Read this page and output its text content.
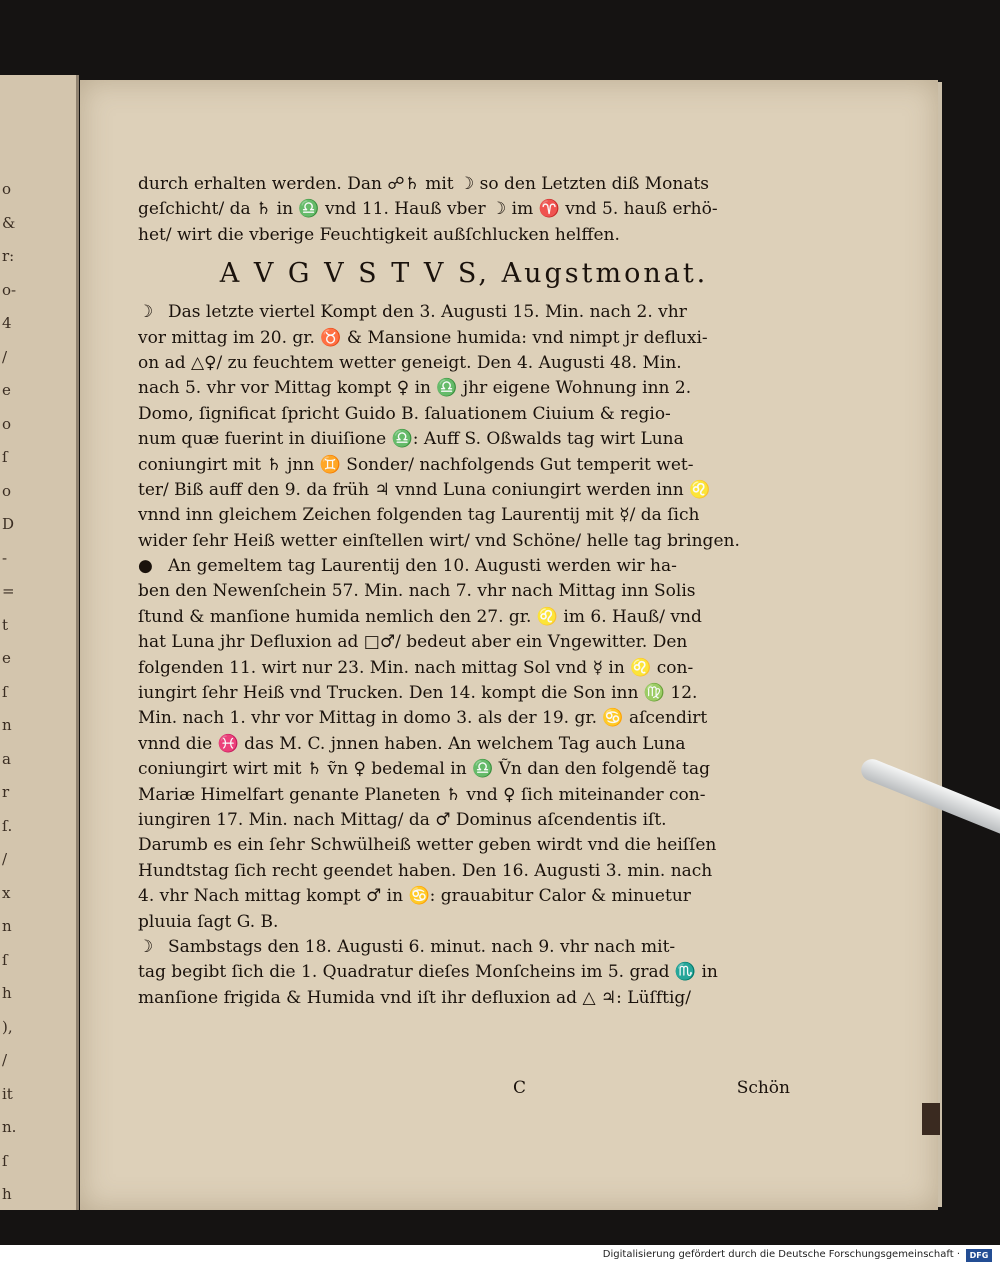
o
&
r:
o-
4
/
e
o
ſ
o
D
-
=
t
e
ſ
n
a
r
ſ.
/
x
n
ſ
h
),
/
it
n.
ſ
h
durch erhalten werden. Dan ☍♄ mit ☽ so den Letzten diß Monats
geſchicht/ da ♄ in ♎ vnd 11. Hauß vber ☽ im ♈ vnd 5. hauß erhö-
het/ wirt die vberige Feuchtigkeit außſchlucken helffen.
A V G V S T V S, Augstmonat.
☽ Das letzte viertel Kompt den 3. Augusti 15. Min. nach 2. vhr
vor mittag im 20. gr. ♉ & Mansione humida: vnd nimpt jr defluxi-
on ad △♀/ zu feuchtem wetter geneigt. Den 4. Augusti 48. Min.
nach 5. vhr vor Mittag kompt ♀ in ♎ jhr eigene Wohnung inn 2.
Domo, ſignificat ſpricht Guido B. ſaluationem Ciuium & regio-
num quæ fuerint in diuiſione ♎: Auff S. Oßwalds tag wirt Luna
coniungirt mit ♄ jnn ♊ Sonder/ nachfolgends Gut temperit wet-
ter/ Biß auff den 9. da früh ♃ vnnd Luna coniungirt werden inn ♌
vnnd inn gleichem Zeichen folgenden tag Laurentij mit ☿/ da ſich
wider ſehr Heiß wetter einſtellen wirt/ vnd Schöne/ helle tag bringen.
● An gemeltem tag Laurentij den 10. Augusti werden wir ha-
ben den Newenſchein 57. Min. nach 7. vhr nach Mittag inn Solis
ſtund & manſione humida nemlich den 27. gr. ♌ im 6. Hauß/ vnd
hat Luna jhr Defluxion ad □♂/ bedeut aber ein Vngewitter. Den
folgenden 11. wirt nur 23. Min. nach mittag Sol vnd ☿ in ♌ con-
iungirt ſehr Heiß vnd Trucken. Den 14. kompt die Son inn ♍ 12.
Min. nach 1. vhr vor Mittag in domo 3. als der 19. gr. ♋ aſcendirt
vnnd die ♓ das M. C. jnnen haben. An welchem Tag auch Luna
coniungirt wirt mit ♄ ṽn ♀ bedemal in ♎ Ṽn dan den folgendẽ tag
Mariæ Himelfart genante Planeten ♄ vnd ♀ ſich miteinander con-
iungiren 17. Min. nach Mittag/ da ♂ Dominus aſcendentis iſt.
Darumb es ein ſehr Schwülheiß wetter geben wirdt vnd die heiſſen
Hundtstag ſich recht geendet haben. Den 16. Augusti 3. min. nach
4. vhr Nach mittag kompt ♂ in ♋: grauabitur Calor & minuetur
pluuia ſagt G. B.
☽ Sambstags den 18. Augusti 6. minut. nach 9. vhr nach mit-
tag begibt ſich die 1. Quadratur dieſes Monſcheins im 5. grad ♏ in
manſione frigida & Humida vnd iſt ihr defluxion ad △ ♃: Lüſftig/
C	Schön
Digitalisierung gefördert durch die Deutsche Forschungsgemeinschaft ·	DFG
